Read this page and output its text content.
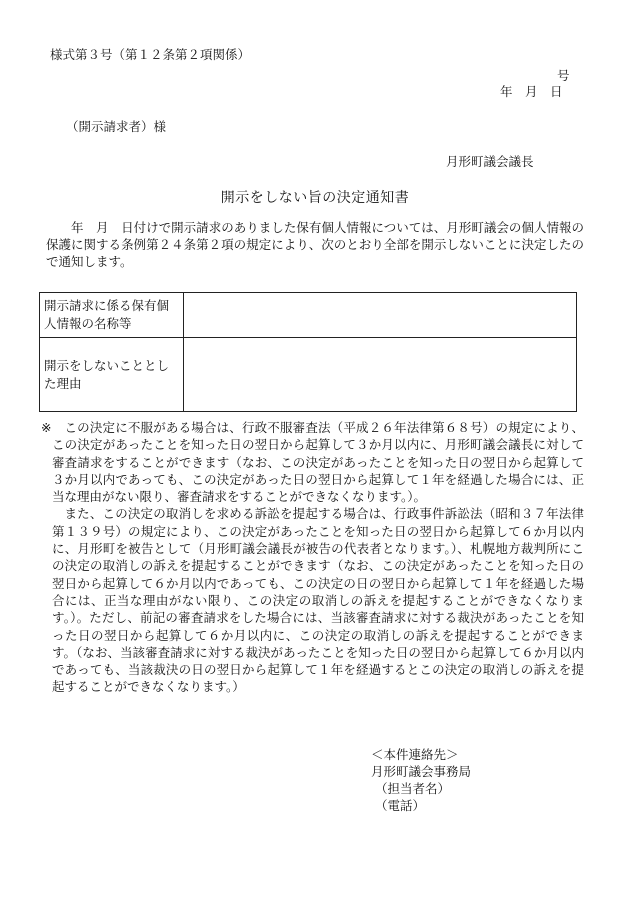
様式第３号（第１２条第２項関係）
号
年　月　日
（開示請求者）様
月形町議会議長
開示をしない旨の決定通知書
年　月　日付けで開示請求のありました保有個人情報については、月形町議会の個人情報の保護に関する条例第２４条第２項の規定により、次のとおり全部を開示しないことに決定したので通知します。
開示請求に係る保有個人情報の名称等	
開示をしないこととした理由	
※	この決定に不服がある場合は、行政不服審査法（平成２６年法律第６８号）の規定により、この決定があったことを知った日の翌日から起算して３か月以内に、月形町議会議長に対して審査請求をすることができます（なお、この決定があったことを知った日の翌日から起算して３か月以内であっても、この決定があった日の翌日から起算して１年を経過した場合には、正当な理由がない限り、審査請求をすることができなくなります。）。

また、この決定の取消しを求める訴訟を提起する場合は、行政事件訴訟法（昭和３７年法律第１３９号）の規定により、この決定があったことを知った日の翌日から起算して６か月以内に、月形町を被告として（月形町議会議長が被告の代表者となります。）、札幌地方裁判所にこの決定の取消しの訴えを提起することができます（なお、この決定があったことを知った日の翌日から起算して６か月以内であっても、この決定の日の翌日から起算して１年を経過した場合には、正当な理由がない限り、この決定の取消しの訴えを提起することができなくなります。）。ただし、前記の審査請求をした場合には、当該審査請求に対する裁決があったことを知った日の翌日から起算して６か月以内に、この決定の取消しの訴えを提起することができます。（なお、当該審査請求に対する裁決があったことを知った日の翌日から起算して６か月以内であっても、当該裁決の日の翌日から起算して１年を経過するとこの決定の取消しの訴えを提起することができなくなります。）

＜本件連絡先＞
月形町議会事務局
（担当者名）
（電話）
